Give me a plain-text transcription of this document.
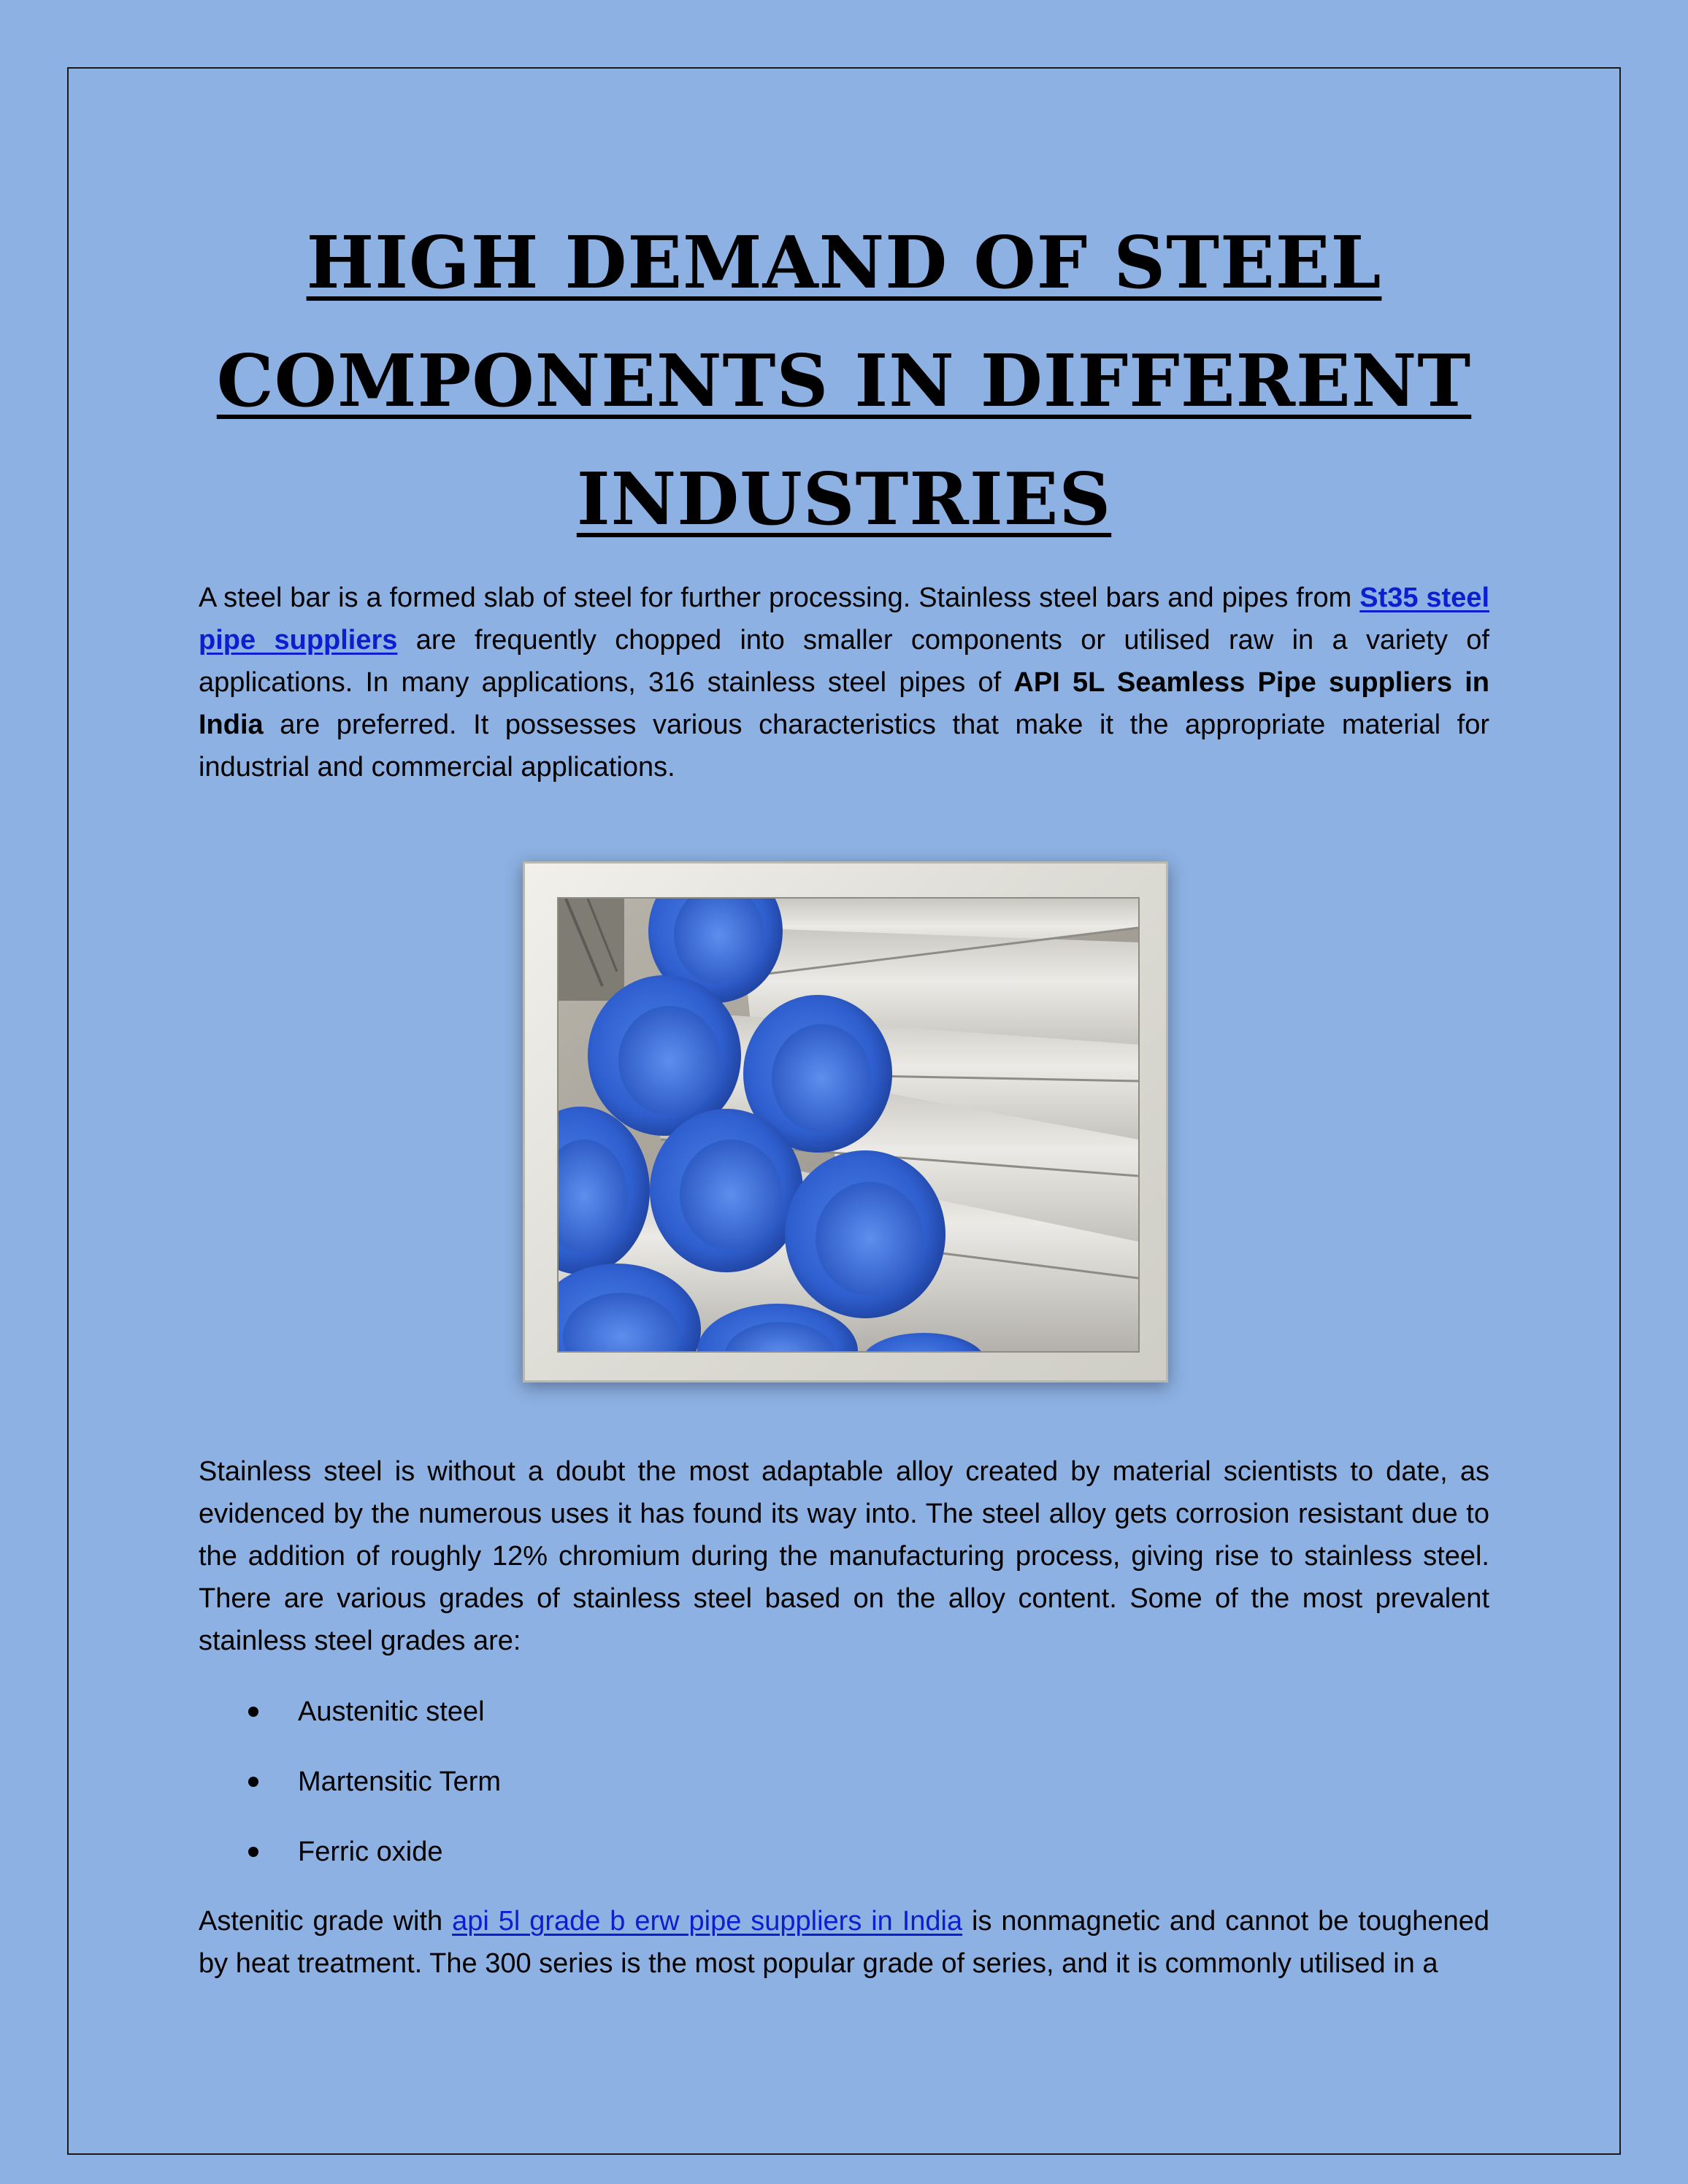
HIGH DEMAND OF STEEL
COMPONENTS IN DIFFERENT
INDUSTRIES

A steel bar is a formed slab of steel for further processing. Stainless steel bars and pipes from St35 steel pipe suppliers are frequently chopped into smaller components or utilised raw in a variety of applications. In many applications, 316 stainless steel pipes of API 5L Seamless Pipe suppliers in India are preferred. It possesses various characteristics that make it the appropriate material for industrial and commercial applications.

Stainless steel is without a doubt the most adaptable alloy created by material scientists to date, as evidenced by the numerous uses it has found its way into. The steel alloy gets corrosion resistant due to the addition of roughly 12% chromium during the manufacturing process, giving rise to stainless steel. There are various grades of stainless steel based on the alloy content. Some of the most prevalent stainless steel grades are:

Austenitic steel
Martensitic Term
Ferric oxide

Astenitic grade with api 5l grade b erw pipe suppliers in India is nonmagnetic and cannot be toughened by heat treatment. The 300 series is the most popular grade of series, and it is commonly utilised in a
